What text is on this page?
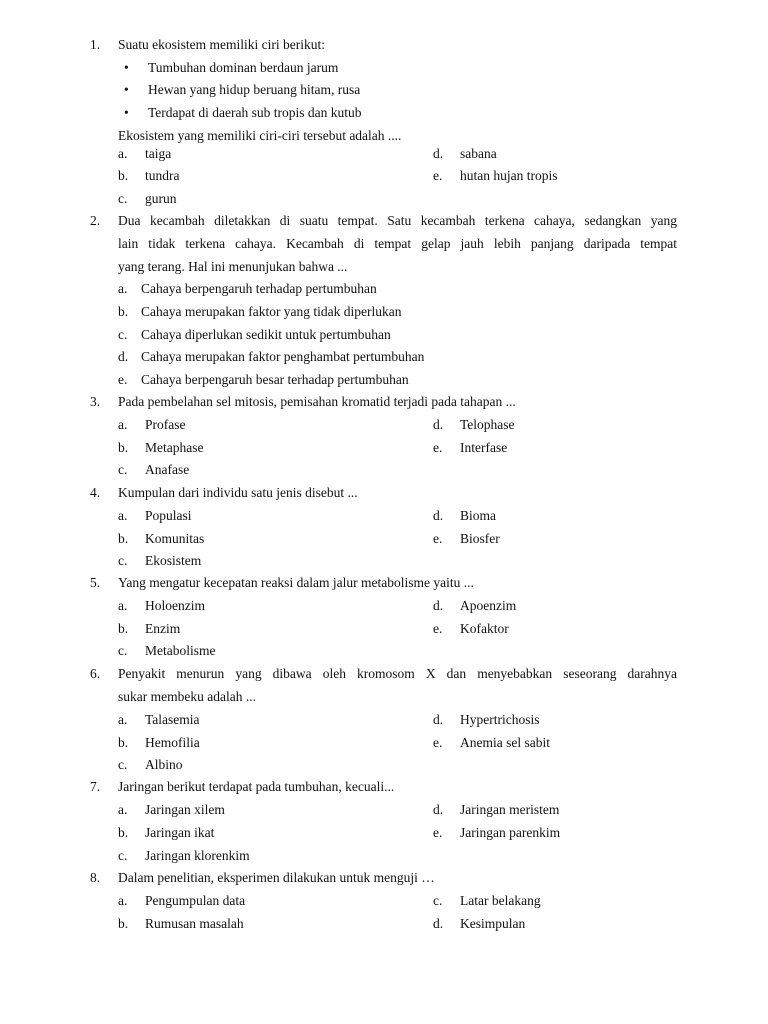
1.	Suatu ekosistem memiliki ciri berikut:
• Tumbuhan dominan berdaun jarum
• Hewan yang hidup beruang hitam, rusa
• Terdapat di daerah sub tropis dan kutub
Ekosistem yang memiliki ciri-ciri tersebut adalah ....
a. taiga	d. sabana
b. tundra	e. hutan hujan tropis
c. gurun
2.	Dua kecambah diletakkan di suatu tempat. Satu kecambah terkena cahaya, sedangkan yang
lain tidak terkena cahaya. Kecambah di tempat gelap jauh lebih panjang daripada tempat
yang terang. Hal ini menunjukan bahwa ...
a. Cahaya berpengaruh terhadap pertumbuhan
b. Cahaya merupakan faktor yang tidak diperlukan
c. Cahaya diperlukan sedikit untuk pertumbuhan
d. Cahaya merupakan faktor penghambat pertumbuhan
e. Cahaya berpengaruh besar terhadap pertumbuhan
3.	Pada pembelahan sel mitosis, pemisahan kromatid terjadi pada tahapan ...
a. Profase	d. Telophase
b. Metaphase	e. Interfase
c. Anafase
4.	Kumpulan dari individu satu jenis disebut ...
a. Populasi	d. Bioma
b. Komunitas	e. Biosfer
c. Ekosistem
5.	Yang mengatur kecepatan reaksi dalam jalur metabolisme yaitu ...
a. Holoenzim	d. Apoenzim
b. Enzim	e. Kofaktor
c. Metabolisme
6.	Penyakit menurun yang dibawa oleh kromosom X dan menyebabkan seseorang darahnya
sukar membeku adalah ...
a. Talasemia	d. Hypertrichosis
b. Hemofilia	e. Anemia sel sabit
c. Albino
7.	Jaringan berikut terdapat pada tumbuhan, kecuali...
a. Jaringan xilem	d. Jaringan meristem
b. Jaringan ikat	e. Jaringan parenkim
c. Jaringan klorenkim
8.	Dalam penelitian, eksperimen dilakukan untuk menguji …
a. Pengumpulan data	c. Latar belakang
b. Rumusan masalah	d. Kesimpulan
